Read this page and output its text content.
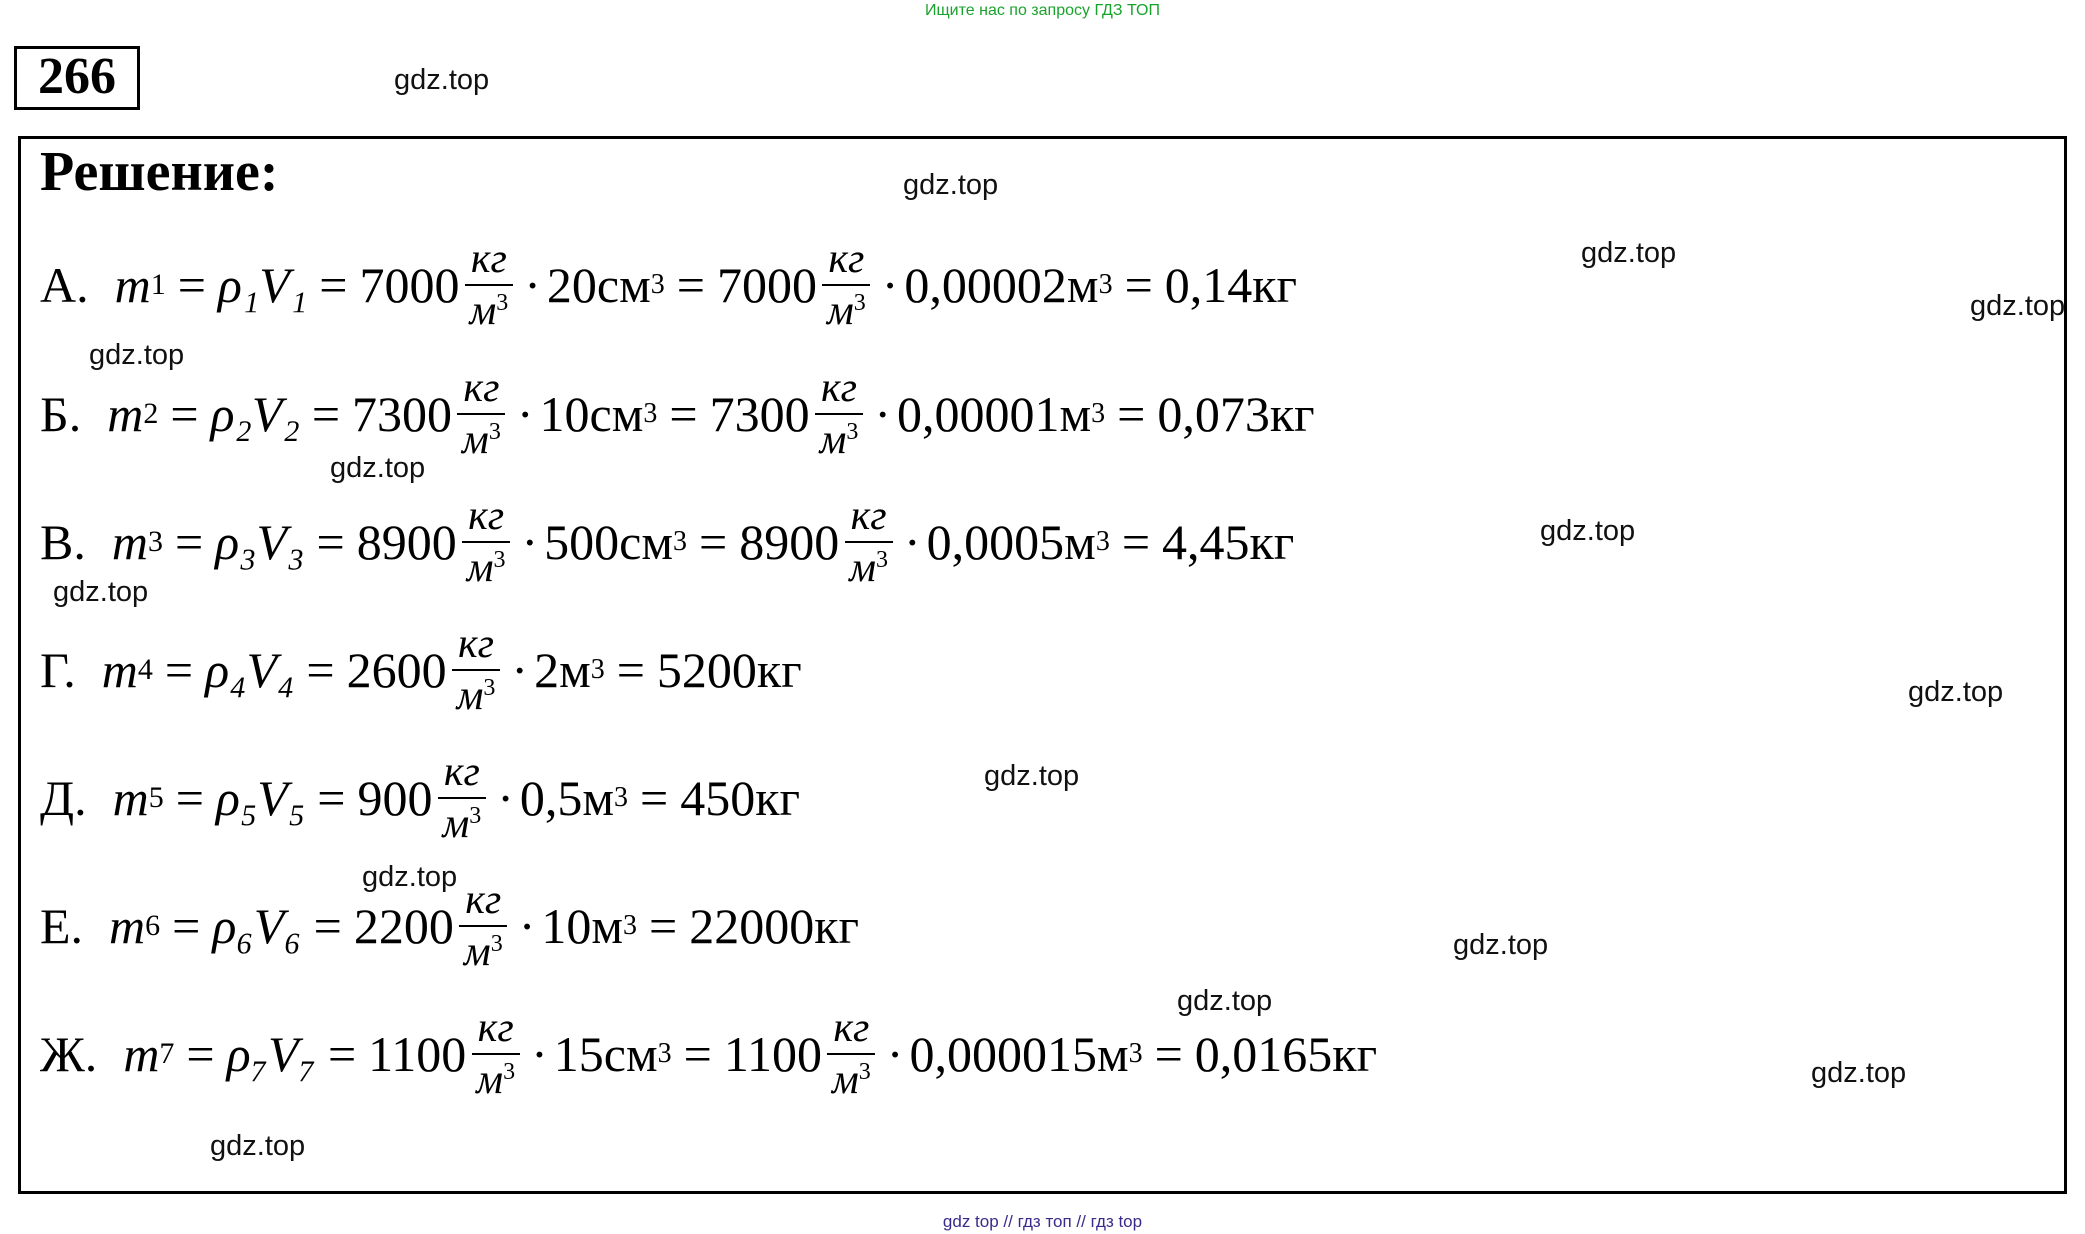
Ищите нас по запросу ГДЗ ТОП
266
Решение:
А. m $1 = \rho_1V_1 = 7000 \frac{кг}{м^3} \cdot 20см$ $3 = 7000 \frac{кг}{м^3} \cdot 0,00002м$ 3 = 0,14кг
Б. m $2 = \rho_2V_2 = 7300 \frac{кг}{м^3} \cdot 10см$ $3 = 7300 \frac{кг}{м^3} \cdot 0,00001м$ 3 = 0,073кг
В. m $3 = \rho_3V_3 = 8900 \frac{кг}{м^3} \cdot 500см$ $3 = 8900 \frac{кг}{м^3} \cdot 0,0005м$ 3 = 4,45кг
Г. m $4 = \rho_4V_4 = 2600 \frac{кг}{м^3} \cdot 2м$ 3 = 5200кг
Д. m $5 = \rho_5V_5 = 900 \frac{кг}{м^3} \cdot 0,5м$ 3 = 450кг
Е. m $6 = \rho_6V_6 = 2200 \frac{кг}{м^3} \cdot 10м$ 3 = 22000кг
Ж. m $7 = \rho_7V_7 = 1100 \frac{кг}{м^3} \cdot 15см$ $3 = 1100 \frac{кг}{м^3} \cdot 0,000015м$ 3 = 0,0165кг
gdz.top
gdz.top
gdz.top
gdz.top
gdz.top
gdz.top
gdz.top
gdz.top
gdz.top
gdz.top
gdz.top
gdz.top
gdz.top
gdz.top
gdz.top
gdz top // гдз топ // гдз top
